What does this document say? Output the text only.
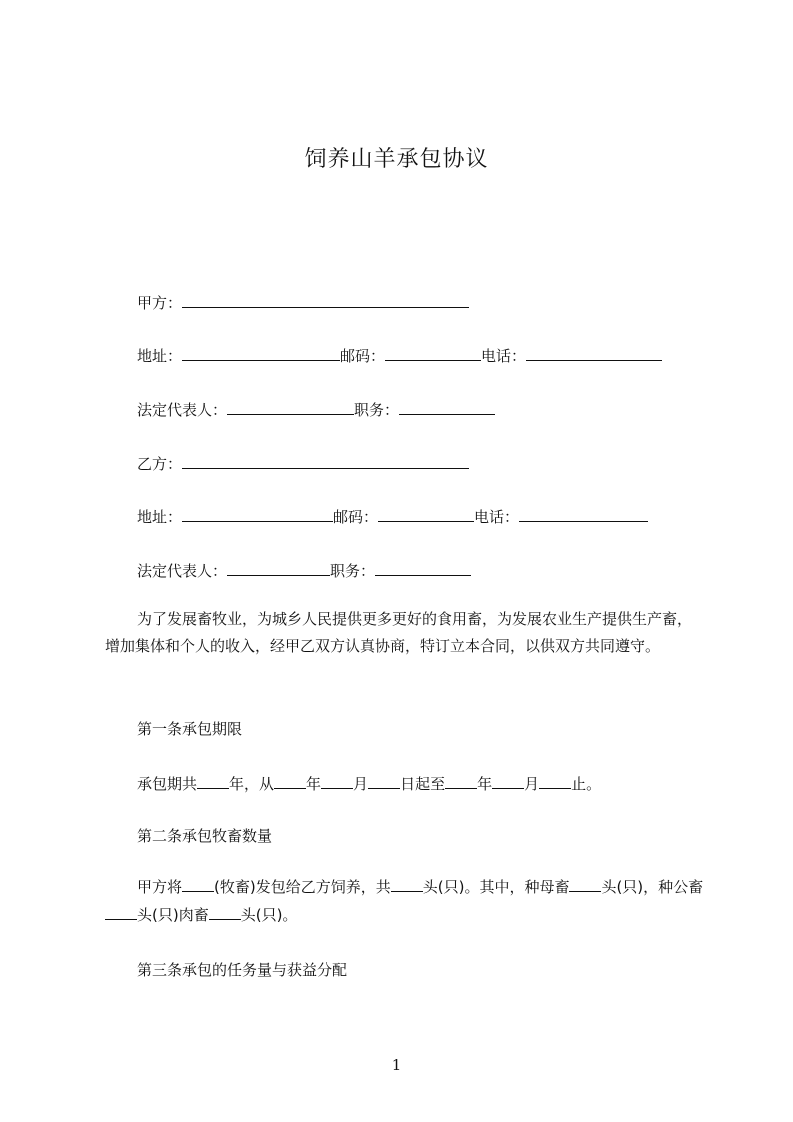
饲养山羊承包协议
甲方：
地址：	邮码：	电话：
法定代表人：	职务：
乙方：
地址：	邮码：	电话：
法定代表人：	职务：
为了发展畜牧业，为城乡人民提供更多更好的食用畜，为发展农业生产提供生产畜，增加集体和个人的收入，经甲乙双方认真协商，特订立本合同，以供双方共同遵守。
第一条承包期限
承包期共 年，从 年 月 日起至 年 月 止。
第二条承包牧畜数量
甲方将 (牧畜)发包给乙方饲养，共 头(只)。其中，种母畜 头(只)，种公畜头(只)肉畜 头(只)。
第三条承包的任务量与获益分配
1
